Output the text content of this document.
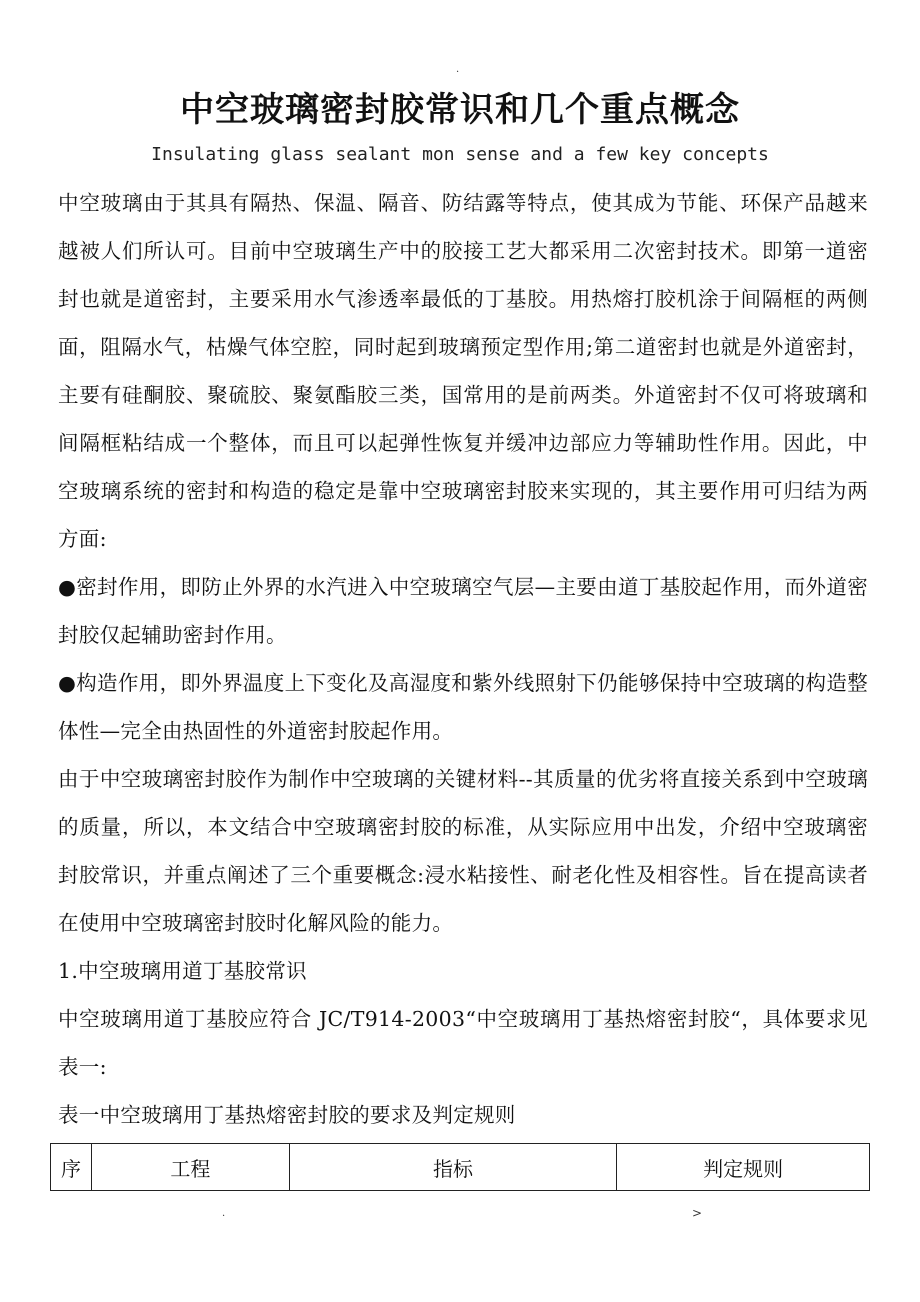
.
中空玻璃密封胶常识和几个重点概念
Insulating glass sealant mon sense and a few key concepts

中空玻璃由于其具有隔热、保温、隔音、防结露等特点，使其成为节能、环保产品越来越被人们所认可。目前中空玻璃生产中的胶接工艺大都采用二次密封技术。即第一道密封也就是道密封，主要采用水气渗透率最低的丁基胶。用热熔打胶机涂于间隔框的两侧面，阻隔水气，枯燥气体空腔，同时起到玻璃预定型作用;第二道密封也就是外道密封，主要有硅酮胶、聚硫胶、聚氨酯胶三类，国常用的是前两类。外道密封不仅可将玻璃和间隔框粘结成一个整体，而且可以起弹性恢复并缓冲边部应力等辅助性作用。因此，中空玻璃系统的密封和构造的稳定是靠中空玻璃密封胶来实现的，其主要作用可归结为两方面:

●密封作用，即防止外界的水汽进入中空玻璃空气层—主要由道丁基胶起作用，而外道密封胶仅起辅助密封作用。

●构造作用，即外界温度上下变化及高湿度和紫外线照射下仍能够保持中空玻璃的构造整体性—完全由热固性的外道密封胶起作用。

由于中空玻璃密封胶作为制作中空玻璃的关键材料--其质量的优劣将直接关系到中空玻璃的质量，所以，本文结合中空玻璃密封胶的标准，从实际应用中出发，介绍中空玻璃密封胶常识，并重点阐述了三个重要概念:浸水粘接性、耐老化性及相容性。旨在提高读者在使用中空玻璃密封胶时化解风险的能力。

1.中空玻璃用道丁基胶常识

中空玻璃用道丁基胶应符合 JC/T914-2003“中空玻璃用丁基热熔密封胶“，具体要求见表一:

表一中空玻璃用丁基热熔密封胶的要求及判定规则

序	工程	指标	判定规则
.	>
